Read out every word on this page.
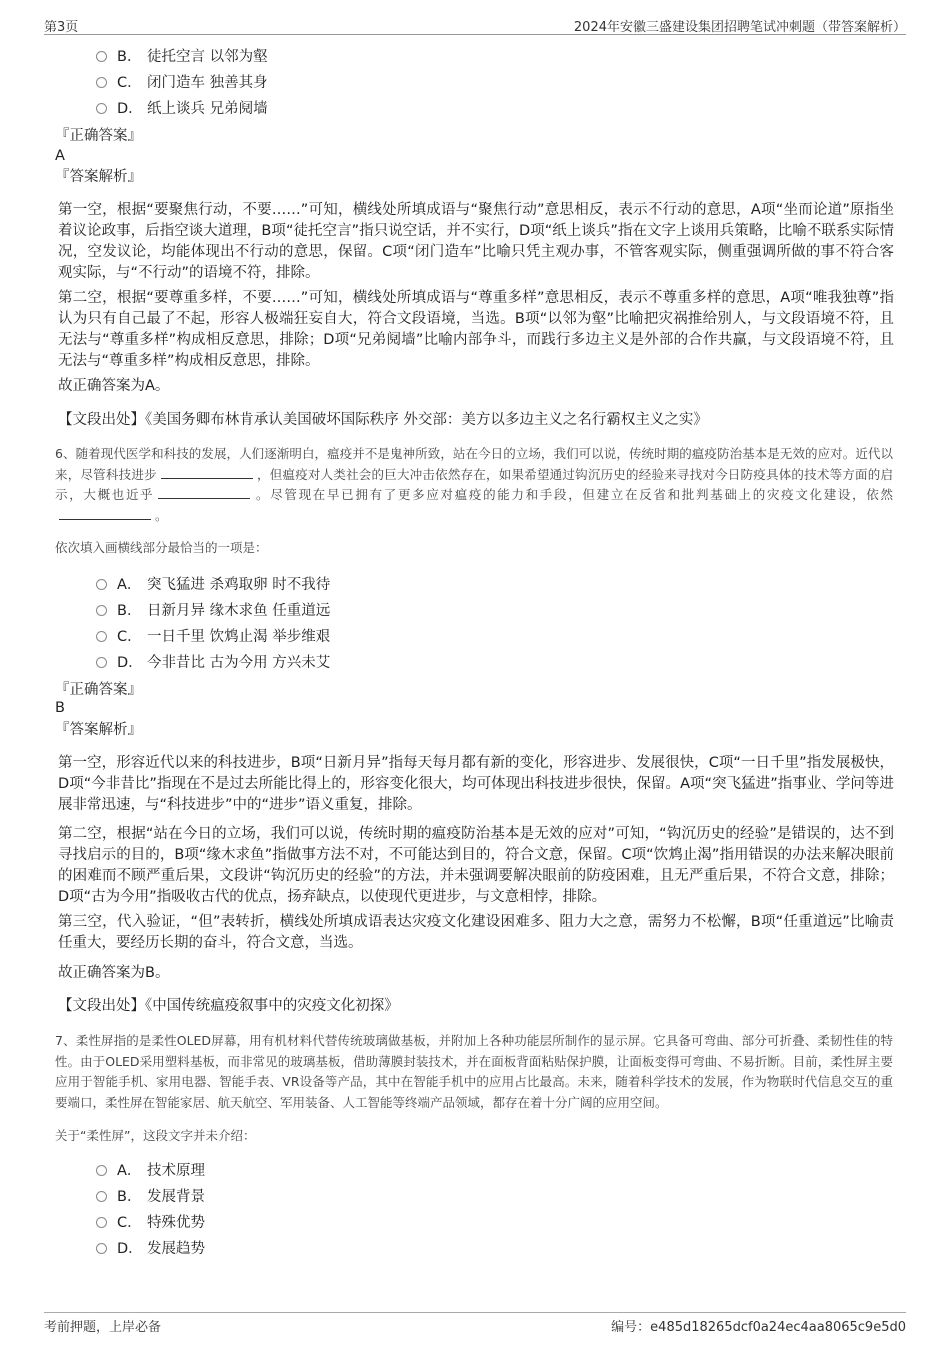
第3页	2024年安徽三盛建设集团招聘笔试冲刺题（带答案解析）
B． 徒托空言 以邻为壑
C． 闭门造车 独善其身
D． 纸上谈兵 兄弟阋墙
『正确答案』
A
『答案解析』
第一空，根据“要聚焦行动，不要……”可知，横线处所填成语与“聚焦行动”意思相反，表示不行动的意思，A项“坐而论道”原指坐着议论政事，后指空谈大道理，B项“徒托空言”指只说空话，并不实行，D项“纸上谈兵”指在文字上谈用兵策略，比喻不联系实际情况，空发议论，均能体现出不行动的意思，保留。C项“闭门造车”比喻只凭主观办事，不管客观实际，侧重强调所做的事不符合客观实际，与“不行动”的语境不符，排除。
第二空，根据“要尊重多样，不要……”可知，横线处所填成语与“尊重多样”意思相反，表示不尊重多样的意思，A项“唯我独尊”指认为只有自己最了不起，形容人极端狂妄自大，符合文段语境，当选。B项“以邻为壑”比喻把灾祸推给别人，与文段语境不符，且无法与“尊重多样”构成相反意思，排除；D项“兄弟阋墙”比喻内部争斗，而践行多边主义是外部的合作共赢，与文段语境不符，且无法与“尊重多样”构成相反意思，排除。
故正确答案为A。
【文段出处】《美国务卿布林肯承认美国破坏国际秩序 外交部：美方以多边主义之名行霸权主义之实》
6、随着现代医学和科技的发展，人们逐渐明白，瘟疫并不是鬼神所致，站在今日的立场，我们可以说，传统时期的瘟疫防治基本是无效的应对。近代以来，尽管科技进步	，但瘟疫对人类社会的巨大冲击依然存在，如果希望通过钩沉历史的经验来寻找对今日防疫具体的技术等方面的启示，大概也近乎	。尽管现在早已拥有了更多应对瘟疫的能力和手段，但建立在反省和批判基础上的灾疫文化建设，依然。
依次填入画横线部分最恰当的一项是：
A． 突飞猛进 杀鸡取卵 时不我待
B． 日新月异 缘木求鱼 任重道远
C． 一日千里 饮鸩止渴 举步维艰
D． 今非昔比 古为今用 方兴未艾
『正确答案』
B
『答案解析』
第一空，形容近代以来的科技进步，B项“日新月异”指每天每月都有新的变化，形容进步、发展很快，C项“一日千里”指发展极快，D项“今非昔比”指现在不是过去所能比得上的，形容变化很大，均可体现出科技进步很快，保留。A项“突飞猛进”指事业、学问等进展非常迅速，与“科技进步”中的“进步”语义重复，排除。
第二空，根据“站在今日的立场，我们可以说，传统时期的瘟疫防治基本是无效的应对”可知，“钩沉历史的经验”是错误的，达不到寻找启示的目的，B项“缘木求鱼”指做事方法不对，不可能达到目的，符合文意，保留。C项“饮鸩止渴”指用错误的办法来解决眼前的困难而不顾严重后果，文段讲“钩沉历史的经验”的方法，并未强调要解决眼前的防疫困难，且无严重后果，不符合文意，排除；D项“古为今用”指吸收古代的优点，扬弃缺点，以使现代更进步，与文意相悖，排除。
第三空，代入验证，“但”表转折，横线处所填成语表达灾疫文化建设困难多、阻力大之意，需努力不松懈，B项“任重道远”比喻责任重大，要经历长期的奋斗，符合文意，当选。
故正确答案为B。
【文段出处】《中国传统瘟疫叙事中的灾疫文化初探》
7、柔性屏指的是柔性OLED屏幕，用有机材料代替传统玻璃做基板，并附加上各种功能层所制作的显示屏。它具备可弯曲、部分可折叠、柔韧性佳的特性。由于OLED采用塑料基板，而非常见的玻璃基板，借助薄膜封装技术，并在面板背面粘贴保护膜，让面板变得可弯曲、不易折断。目前，柔性屏主要应用于智能手机、家用电器、智能手表、VR设备等产品，其中在智能手机中的应用占比最高。未来，随着科学技术的发展，作为物联时代信息交互的重要端口，柔性屏在智能家居、航天航空、军用装备、人工智能等终端产品领域，都存在着十分广阔的应用空间。
关于“柔性屏”，这段文字并未介绍：
A． 技术原理
B． 发展背景
C． 特殊优势
D． 发展趋势
考前押题，上岸必备	编号：e485d18265dcf0a24ec4aa8065c9e5d0
